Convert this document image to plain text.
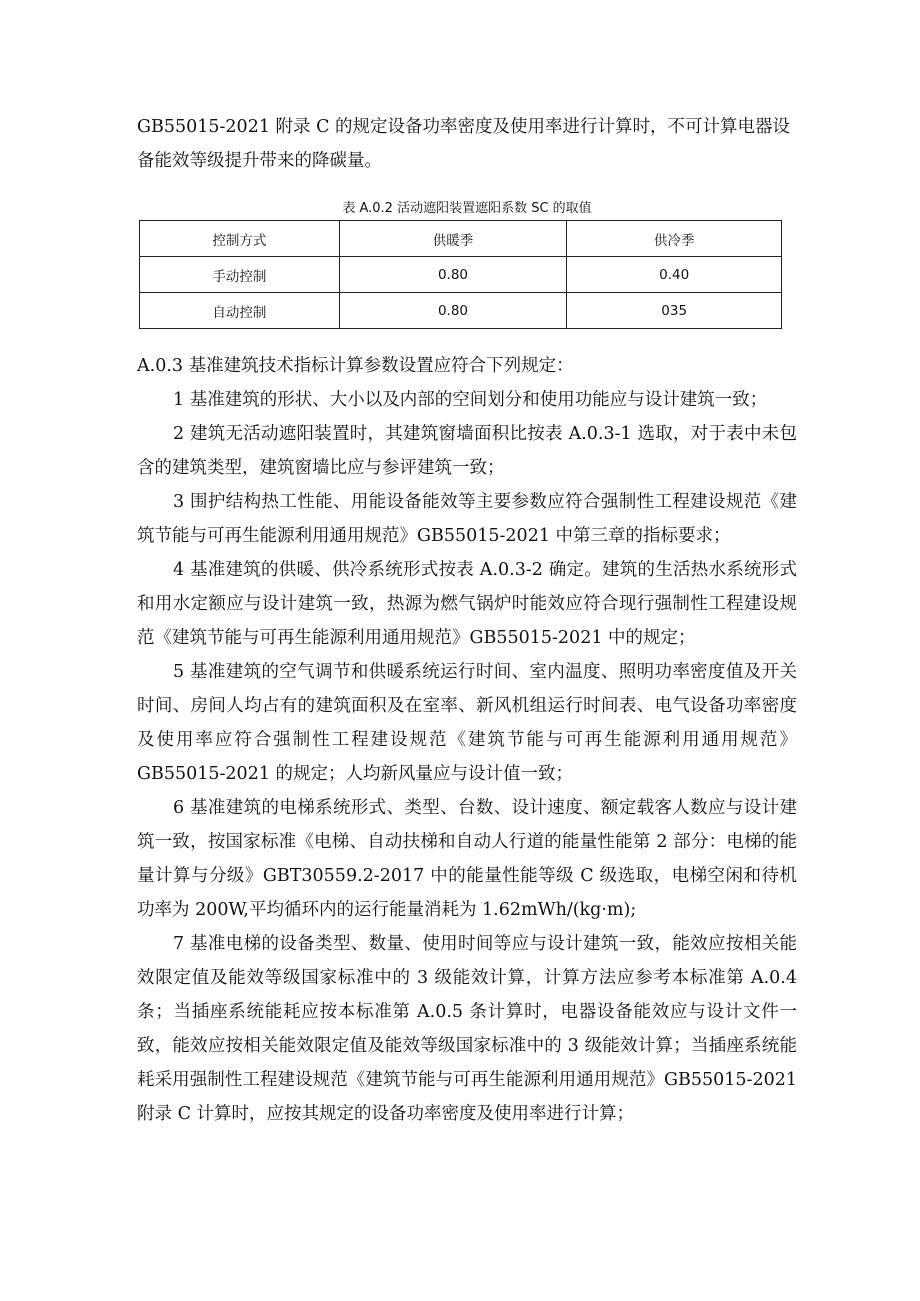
GB55015-2021 附录 C 的规定设备功率密度及使用率进行计算时，不可计算电器设

备能效等级提升带来的降碳量。

表 A.0.2 活动遮阳装置遮阳系数 SC 的取值
控制方式	供暖季	供冷季
手动控制	0.80	0.40
自动控制	0.80	035

A.0.3 基准建筑技术指标计算参数设置应符合下列规定：

1 基准建筑的形状、大小以及内部的空间划分和使用功能应与设计建筑一致；

2 建筑无活动遮阳装置时，其建筑窗墙面积比按表 A.0.3-1 选取，对于表中未包含的建筑类型，建筑窗墙比应与参评建筑一致；

3 围护结构热工性能、用能设备能效等主要参数应符合强制性工程建设规范《建筑节能与可再生能源利用通用规范》GB55015-2021 中第三章的指标要求；

4 基准建筑的供暖、供冷系统形式按表 A.0.3-2 确定。建筑的生活热水系统形式和用水定额应与设计建筑一致，热源为燃气锅炉时能效应符合现行强制性工程建设规范《建筑节能与可再生能源利用通用规范》GB55015-2021 中的规定；

5 基准建筑的空气调节和供暖系统运行时间、室内温度、照明功率密度值及开关时间、房间人均占有的建筑面积及在室率、新风机组运行时间表、电气设备功率密度及使用率应符合强制性工程建设规范《建筑节能与可再生能源利用通用规范》GB55015-2021 的规定；人均新风量应与设计值一致；

6 基准建筑的电梯系统形式、类型、台数、设计速度、额定载客人数应与设计建筑一致，按国家标准《电梯、自动扶梯和自动人行道的能量性能第 2 部分：电梯的能量计算与分级》GBT30559.2-2017 中的能量性能等级 C 级选取，电梯空闲和待机功率为 200W,平均循环内的运行能量消耗为 1.62mWh/(kg·m);

7 基准电梯的设备类型、数量、使用时间等应与设计建筑一致，能效应按相关能效限定值及能效等级国家标准中的 3 级能效计算，计算方法应参考本标准第 A.0.4 条；当插座系统能耗应按本标准第 A.0.5 条计算时，电器设备能效应与设计文件一致，能效应按相关能效限定值及能效等级国家标准中的 3 级能效计算；当插座系统能耗采用强制性工程建设规范《建筑节能与可再生能源利用通用规范》GB55015-2021 附录 C 计算时，应按其规定的设备功率密度及使用率进行计算；
